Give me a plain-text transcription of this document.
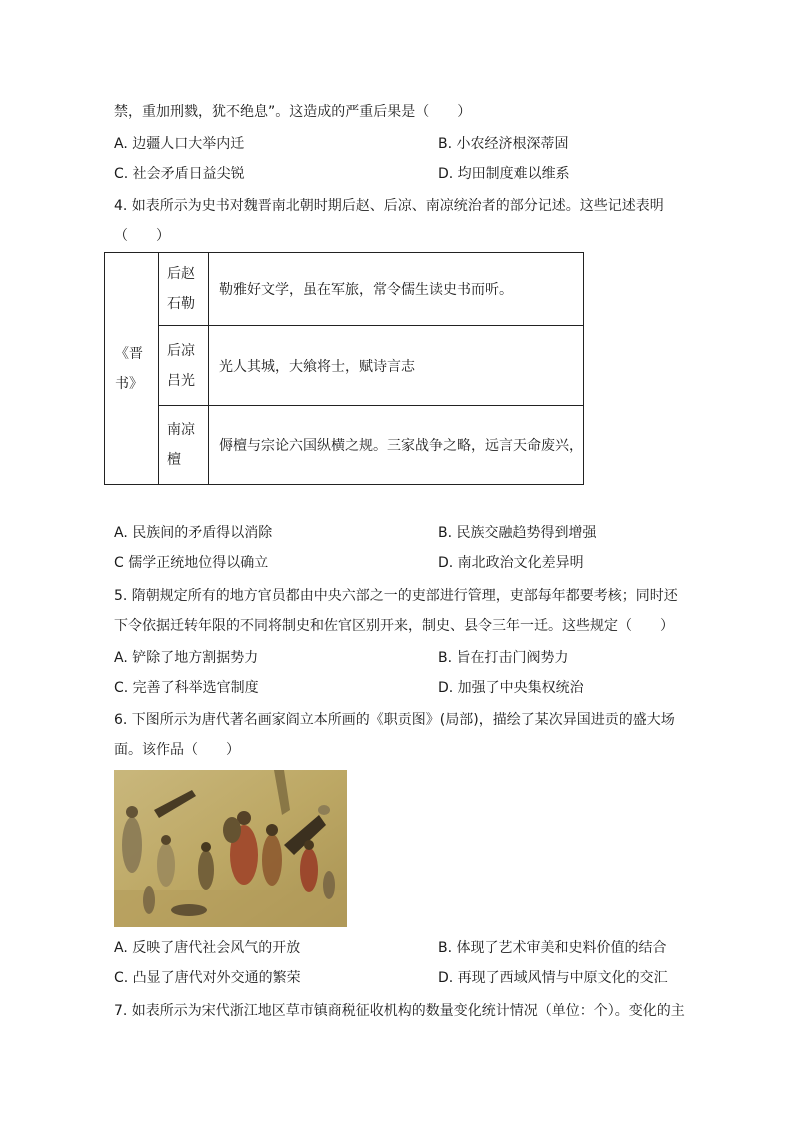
禁，重加刑戮，犹不绝息”。这造成的严重后果是（　　）
A. 边疆人口大举内迁	B. 小农经济根深蒂固
C. 社会矛盾日益尖锐	D. 均田制度难以维系
4. 如表所示为史书对魏晋南北朝时期后赵、后凉、南凉统治者的部分记述。这些记述表明
（　　）
《晋书》	后赵石勒	勒雅好文学，虽在军旅，常令儒生读史书而听。

	后凉吕光	光人其城，大飨将士，赋诗言志

	南凉檀	傉檀与宗论六国纵横之规。三家战争之略，远言天命废兴，
A. 民族间的矛盾得以消除	B. 民族交融趋势得到增强
C 儒学正统地位得以确立	D. 南北政治文化差异明
5. 隋朝规定所有的地方官员都由中央六部之一的吏部进行管理，吏部每年都要考核；同时还
下令依据迁转年限的不同将制史和佐官区别开来，制史、县令三年一迁。这些规定（　　）
A. 铲除了地方割据势力	B. 旨在打击门阀势力
C. 完善了科举选官制度	D. 加强了中央集权统治
6. 下图所示为唐代著名画家阎立本所画的《职贡图》(局部)，描绘了某次异国进贡的盛大场
面。该作品（　　）
A. 反映了唐代社会风气的开放	B. 体现了艺术审美和史料价值的结合
C. 凸显了唐代对外交通的繁荣	D. 再现了西域风情与中原文化的交汇
7. 如表所示为宋代浙江地区草市镇商税征收机构的数量变化统计情况（单位：个）。变化的主
